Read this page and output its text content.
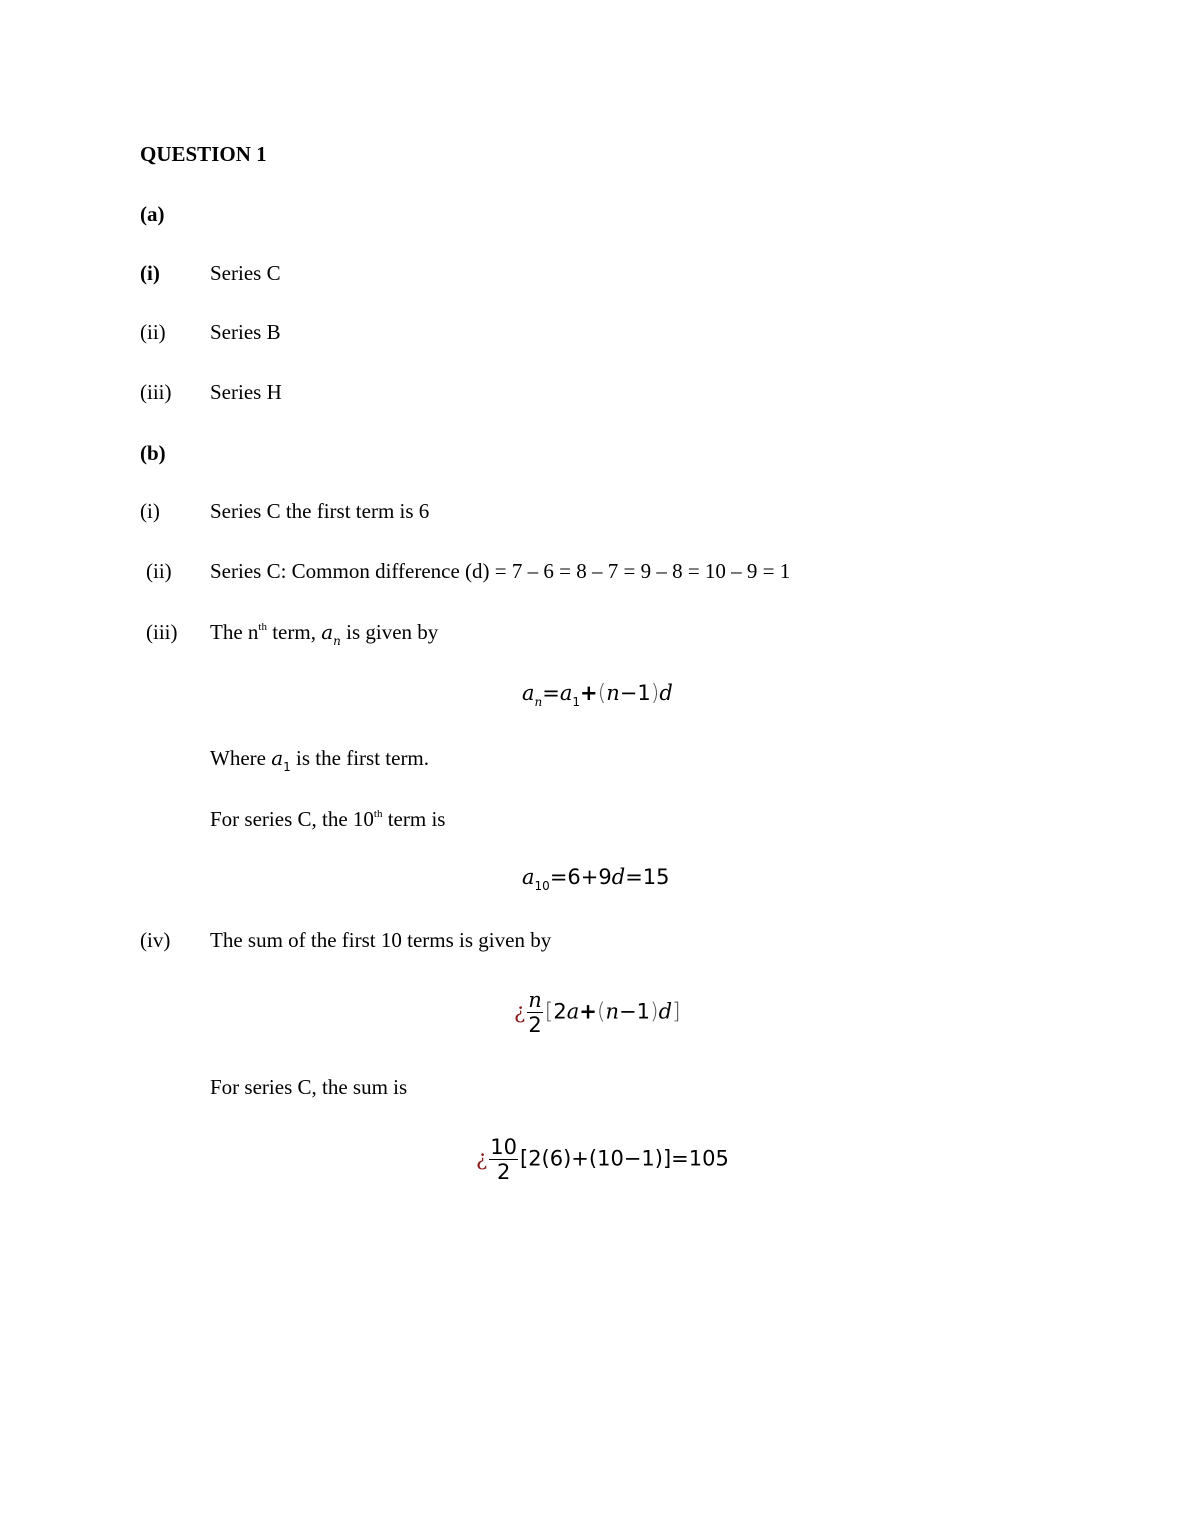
QUESTION 1
(a)
(i) Series C
(ii) Series B
(iii) Series H
(b)
(i) Series C the first term is 6
(ii) Series C: Common difference (d) = 7 – 6 = 8 – 7 = 9 – 8 = 10 – 9 = 1
(iii) The $n^{th}$ term, $a_n$ is given by
$a_n=a_1+(n-1)d$
Where $a_1$ is the first term.
For series C, the 10th term is
$a_{10}=6+9d=15$
(iv) The sum of the first 10 terms is given by
¿ $\frac{n}{2} [2a+(n-1)d]$
For series C, the sum is
¿ $\frac{10}{2} [2(6)+(10-1)]=105$
